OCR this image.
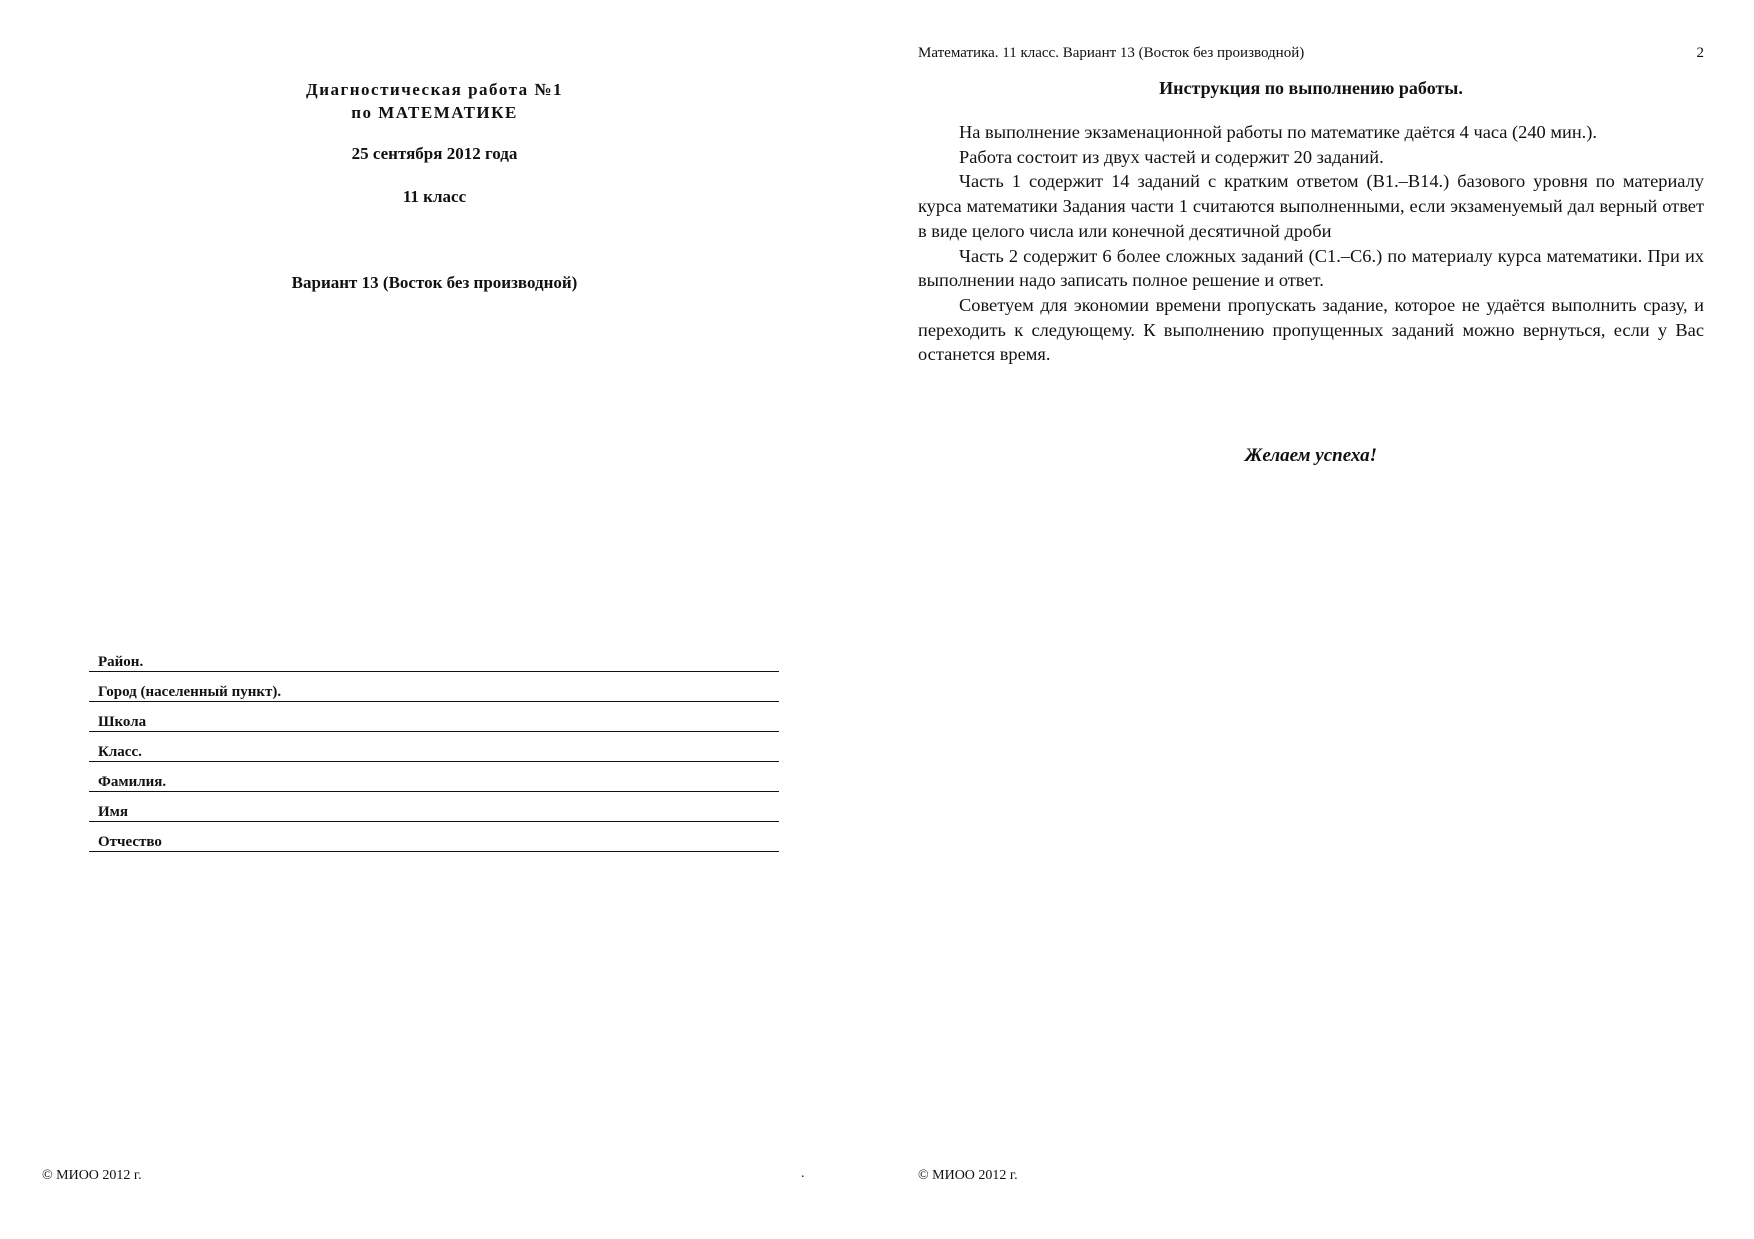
Диагностическая работа №1
по МАТЕМАТИКЕ
25 сентября 2012 года
11 класс
Вариант 13 (Восток без производной)
Район.
Город (населенный пункт).
Школа
Класс.
Фамилия.
Имя
Отчество
© МИОО 2012 г.	.
Математика. 11 класс. Вариант 13 (Восток без производной)	2
Инструкция по выполнению работы.

На выполнение экзаменационной работы по математике даётся 4 часа (240 мин.).

Работа состоит из двух частей и содержит 20 заданий.

Часть 1 содержит 14 заданий с кратким ответом (В1.–В14.) базового уровня по материалу курса математики Задания части 1 считаются выполненными, если экзаменуемый дал верный ответ в виде целого числа или конечной десятичной дроби

Часть 2 содержит 6 более сложных заданий (С1.–С6.) по материалу курса математики. При их выполнении надо записать полное решение и ответ.

Советуем для экономии времени пропускать задание, которое не удаётся выполнить сразу, и переходить к следующему. К выполнению пропущенных заданий можно вернуться, если у Вас останется время.

Желаем успеха!
© МИОО 2012 г.
